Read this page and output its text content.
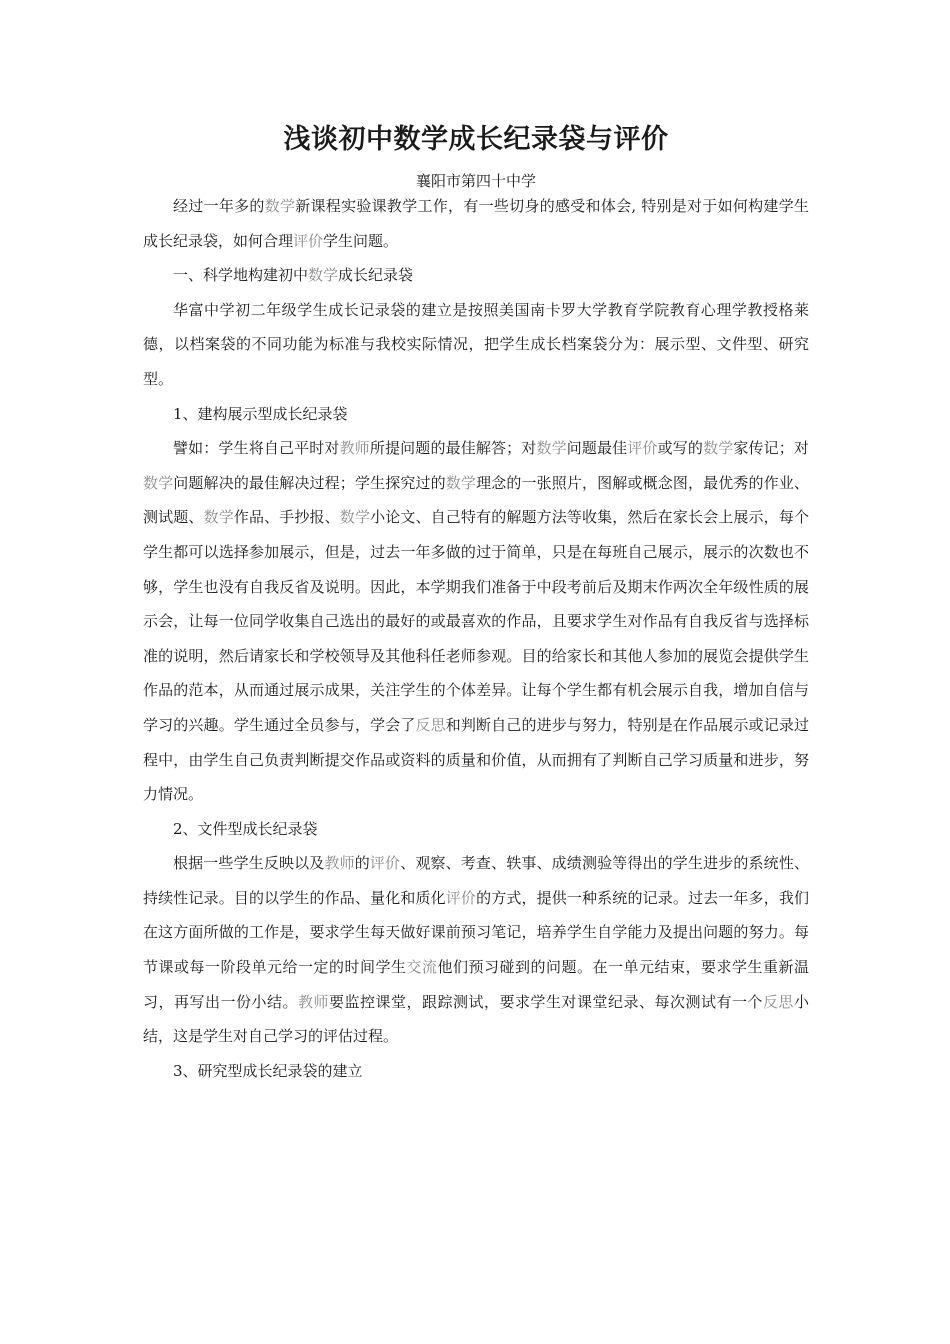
浅谈初中数学成长纪录袋与评价
襄阳市第四十中学

经过一年多的数学新课程实验课教学工作，有一些切身的感受和体会, 特别是对于如何构建学生成长纪录袋，如何合理评价学生问题。

一、科学地构建初中数学成长纪录袋

华富中学初二年级学生成长记录袋的建立是按照美国南卡罗大学教育学院教育心理学教授格莱德，以档案袋的不同功能为标准与我校实际情况，把学生成长档案袋分为：展示型、文件型、研究型。

1、建构展示型成长纪录袋

譬如：学生将自己平时对教师所提问题的最佳解答；对数学问题最佳评价或写的数学家传记；对数学问题解决的最佳解决过程；学生探究过的数学理念的一张照片，图解或概念图，最优秀的作业、测试题、数学作品、手抄报、数学小论文、自己特有的解题方法等收集，然后在家长会上展示，每个学生都可以选择参加展示，但是，过去一年多做的过于简单，只是在每班自己展示，展示的次数也不够，学生也没有自我反省及说明。因此，本学期我们准备于中段考前后及期末作两次全年级性质的展示会，让每一位同学收集自己选出的最好的或最喜欢的作品，且要求学生对作品有自我反省与选择标准的说明，然后请家长和学校领导及其他科任老师参观。目的给家长和其他人参加的展览会提供学生作品的范本，从而通过展示成果，关注学生的个体差异。让每个学生都有机会展示自我，增加自信与学习的兴趣。学生通过全员参与，学会了反思和判断自己的进步与努力，特别是在作品展示或记录过程中，由学生自己负责判断提交作品或资料的质量和价值，从而拥有了判断自己学习质量和进步，努力情况。

2、文件型成长纪录袋

根据一些学生反映以及教师的评价、观察、考查、轶事、成绩测验等得出的学生进步的系统性、持续性记录。目的以学生的作品、量化和质化评价的方式，提供一种系统的记录。过去一年多，我们在这方面所做的工作是，要求学生每天做好课前预习笔记，培养学生自学能力及提出问题的努力。每节课或每一阶段单元给一定的时间学生交流他们预习碰到的问题。在一单元结束，要求学生重新温习，再写出一份小结。教师要监控课堂，跟踪测试，要求学生对课堂纪录、每次测试有一个反思小结，这是学生对自己学习的评估过程。

3、研究型成长纪录袋的建立
